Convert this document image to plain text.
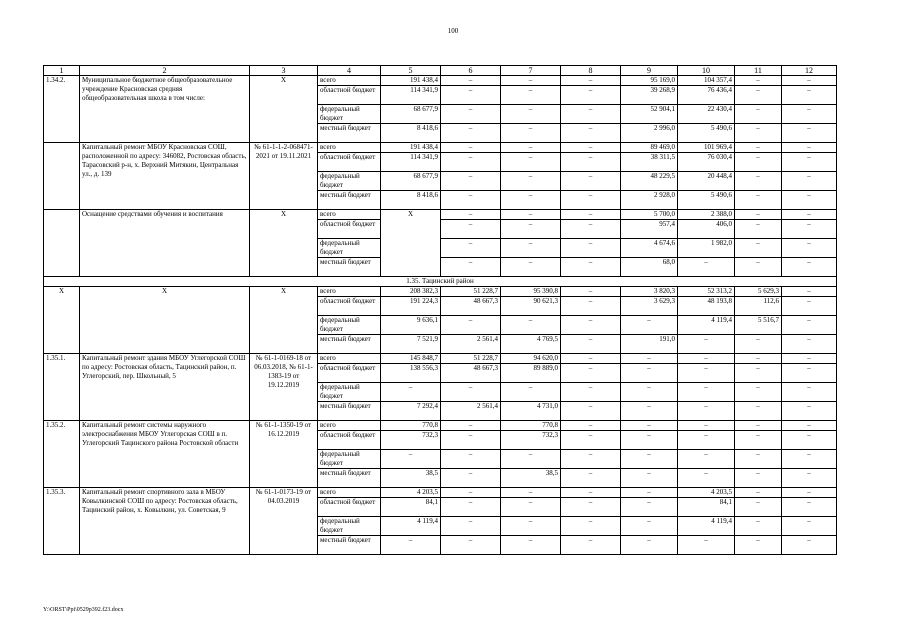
100
1	2	3	4	5	6	7	8	9	10	11	12
1.34.2.	Муниципальное бюджетное общеобразовательное учреждение Красновская средняя общеобразовательная школа в том числе:	X	всего	191 438,4	–	–	–	95 169,0	104 357,4	–	–
			областной бюджет	114 341,9	–	–	–	39 268,9	76 436,4	–	–
			федеральный бюджет	68 677,9	–	–	–	52 904,1	22 430,4	–	–
			местный бюджет	8 418,6	–	–	–	2 996,0	5 490,6	–	–
	Капитальный ремонт МБОУ Красновская СОШ, расположенной по адресу: 346082, Ростовская область, Тарасовский р-н, х. Верхний Митякин, Центральная ул., д. 139	№ 61-1-1-2-068471-2021 от 19.11.2021	всего	191 438,4	–	–	–	89 469,0	101 969,4	–	–
			областной бюджет	114 341,9	–	–	–	38 311,5	76 030,4	–	–
			федеральный бюджет	68 677,9	–	–	–	48 229,5	20 448,4	–	–
			местный бюджет	8 418,6	–	–	–	2 928,0	5 490,6	–	–
	Оснащение средствами обучения и воспитания	X	всего	X	–	–	–	5 700,0	2 388,0	–	–
			областной бюджет		–	–	–	957,4	406,0	–	–
			федеральный бюджет		–	–	–	4 674,6	1 982,0	–	–
			местный бюджет		–	–	–	68,0	–	–	–
1.35. Тацинский район											
X	X	X	всего	208 382,3	51 228,7	95 390,8	–	3 820,3	52 313,2	5 629,3	–
			областной бюджет	191 224,3	48 667,3	90 621,3	–	3 629,3	48 193,8	112,6	–
			федеральный бюджет	9 636,1	–	–	–	–	4 119,4	5 516,7	–
			местный бюджет	7 521,9	2 561,4	4 769,5	–	191,0	–	–	–
1.35.1.	Капитальный ремонт здания МБОУ Углегорской СОШ по адресу: Ростовская область, Тацинский район, п. Углегорский, пер. Школьный, 5	№ 61-1-0169-18 от 06.03.2018, № 61-1-1383-19 от 19.12.2019	всего	145 848,7	51 228,7	94 620,0	–	–	–	–	–
			областной бюджет	138 556,3	48 667,3	89 889,0	–	–	–	–	–
			федеральный бюджет	–	–	–	–	–	–	–	–
			местный бюджет	7 292,4	2 561,4	4 731,0	–	–	–	–	–
1.35.2.	Капитальный ремонт системы наружного электроснабжения МБОУ Углегорская СОШ в п. Углегорский Тацинского района Ростовской области	№ 61-1-1350-19 от 16.12.2019	всего	770,8	–	770,8	–	–	–	–	–
			областной бюджет	732,3	–	732,3	–	–	–	–	–
			федеральный бюджет	–	–	–	–	–	–	–	–
			местный бюджет	38,5	–	38,5	–	–	–	–	–
1.35.3.	Капитальный ремонт спортивного зала в МБОУ Ковылкинской СОШ по адресу: Ростовская область, Тацинский район, х. Ковылкин, ул. Советская, 9	№ 61-1-0173-19 от 04.03.2019	всего	4 203,5	–	–	–	–	4 203,5	–	–
			областной бюджет	84,1	–	–	–	–	84,1	–	–
			федеральный бюджет	4 119,4	–	–	–	–	4 119,4	–	–
			местный бюджет	–	–	–	–	–	–	–	–
Y:\ORST\Ppi\0529p392.f23.docx
